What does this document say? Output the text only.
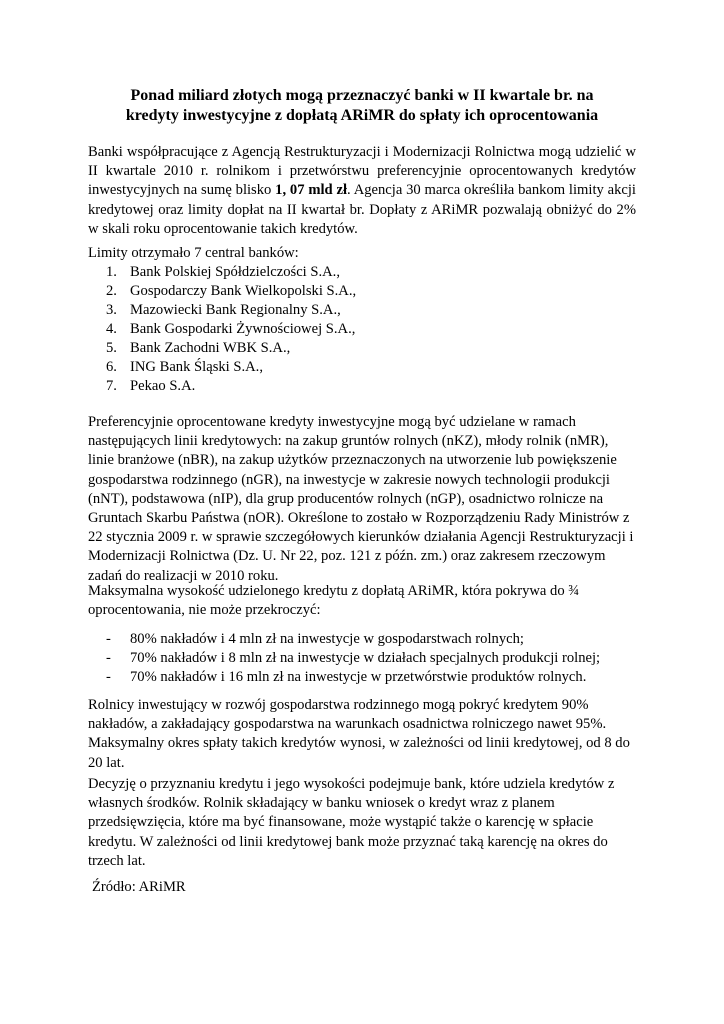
Ponad miliard złotych mogą przeznaczyć banki w II kwartale br. na
kredyty inwestycyjne z dopłatą ARiMR do spłaty ich oprocentowania

Banki współpracujące z Agencją Restrukturyzacji i Modernizacji Rolnictwa mogą udzielić w II kwartale 2010 r. rolnikom i przetwórstwu preferencyjnie oprocentowanych kredytów inwestycyjnych na sumę blisko 1, 07 mld zł. Agencja 30 marca określiła bankom limity akcji kredytowej oraz limity dopłat na II kwartał br. Dopłaty z ARiMR pozwalają obniżyć do 2% w skali roku oprocentowanie takich kredytów.

Limity otrzymało 7 central banków:

1. Bank Polskiej Spółdzielczości S.A.,
2. Gospodarczy Bank Wielkopolski S.A.,
3. Mazowiecki Bank Regionalny S.A.,
4. Bank Gospodarki Żywnościowej S.A.,
5. Bank Zachodni WBK S.A.,
6. ING Bank Śląski S.A.,
7. Pekao S.A.

Preferencyjnie oprocentowane kredyty inwestycyjne mogą być udzielane w ramach następujących linii kredytowych: na zakup gruntów rolnych (nKZ), młody rolnik (nMR), linie branżowe (nBR), na zakup użytków przeznaczonych na utworzenie lub powiększenie gospodarstwa rodzinnego (nGR), na inwestycje w zakresie nowych technologii produkcji (nNT), podstawowa (nIP), dla grup producentów rolnych (nGP), osadnictwo rolnicze na Gruntach Skarbu Państwa (nOR). Określone to zostało w Rozporządzeniu Rady Ministrów z 22 stycznia 2009 r. w sprawie szczegółowych kierunków działania Agencji Restrukturyzacji i Modernizacji Rolnictwa (Dz. U. Nr 22, poz. 121 z późn. zm.) oraz zakresem rzeczowym zadań do realizacji w 2010 roku.

Maksymalna wysokość udzielonego kredytu z dopłatą ARiMR, która pokrywa do ¾ oprocentowania, nie może przekroczyć:

- 80% nakładów i 4 mln zł na inwestycje w gospodarstwach rolnych;
- 70% nakładów i 8 mln zł na inwestycje w działach specjalnych produkcji rolnej;
- 70% nakładów i 16 mln zł na inwestycje w przetwórstwie produktów rolnych.

Rolnicy inwestujący w rozwój gospodarstwa rodzinnego mogą pokryć kredytem 90% nakładów, a zakładający gospodarstwa na warunkach osadnictwa rolniczego nawet 95%. Maksymalny okres spłaty takich kredytów wynosi, w zależności od linii kredytowej, od 8 do 20 lat.

Decyzję o przyznaniu kredytu i jego wysokości podejmuje bank, które udziela kredytów z własnych środków. Rolnik składający w banku wniosek o kredyt wraz z planem przedsięwzięcia, które ma być finansowane, może wystąpić także o karencję w spłacie kredytu. W zależności od linii kredytowej bank może przyznać taką karencję na okres do trzech lat.

Źródło: ARiMR
